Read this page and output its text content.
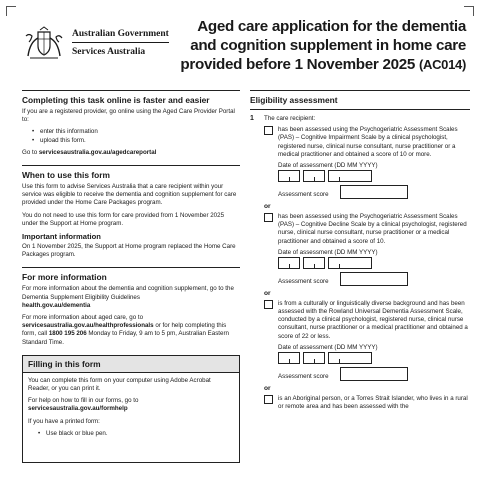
Australian Government
Services Australia
Aged care application for the dementia
and cognition supplement in home care
provided before 1 November 2025 (AC014)
Completing this task online is faster and easier

If you are a registered provider, go online using the Aged Care Provider Portal to:

• enter this information
• upload this form.

Go to servicesaustralia.gov.au/agedcareportal

When to use this form

Use this form to advise Services Australia that a care recipient within your service was eligible to receive the dementia and cognition supplement for care provided under the Home Care Packages program.

You do not need to use this form for care provided from 1 November 2025 under the Support at Home program.

Important information

On 1 November 2025, the Support at Home program replaced the Home Care Packages program.

For more information

For more information about the dementia and cognition supplement, go to the Dementia Supplement Eligibility Guidelines
health.gov.au/dementia

For more information about aged care, go to
servicesaustralia.gov.au/healthprofessionals or for help completing this form, call 1800 195 206 Monday to Friday, 9 am to 5 pm, Australian Eastern Standard Time.

Filling in this form

You can complete this form on your computer using Adobe Acrobat Reader, or you can print it.

For help on how to fill in our forms, go to
servicesaustralia.gov.au/formhelp

If you have a printed form:

• Use black or blue pen.
Eligibility assessment
1	The care recipient:

has been assessed using the Psychogeriatric Assessment Scales (PAS) – Cognitive Impairment Scale by a clinical psychologist, registered nurse, clinical nurse consultant, nurse practitioner or a medical practitioner and obtained a score of 10 or more.

Date of assessment (DD MM YYYY)
Assessment score
or

has been assessed using the Psychogeriatric Assessment Scales (PAS) – Cognitive Decline Scale by a clinical psychologist, registered nurse, clinical nurse consultant, nurse practitioner or a medical practitioner and obtained a score of 10.

Date of assessment (DD MM YYYY)
Assessment score
or

is from a culturally or linguistically diverse background and has been assessed with the Rowland Universal Dementia Assessment Scale, conducted by a clinical psychologist, registered nurse, clinical nurse consultant, nurse practitioner or a medical practitioner and obtained a score of 22 or less.

Date of assessment (DD MM YYYY)
Assessment score
or

is an Aboriginal person, or a Torres Strait Islander, who lives in a rural or remote area and has been assessed with the
